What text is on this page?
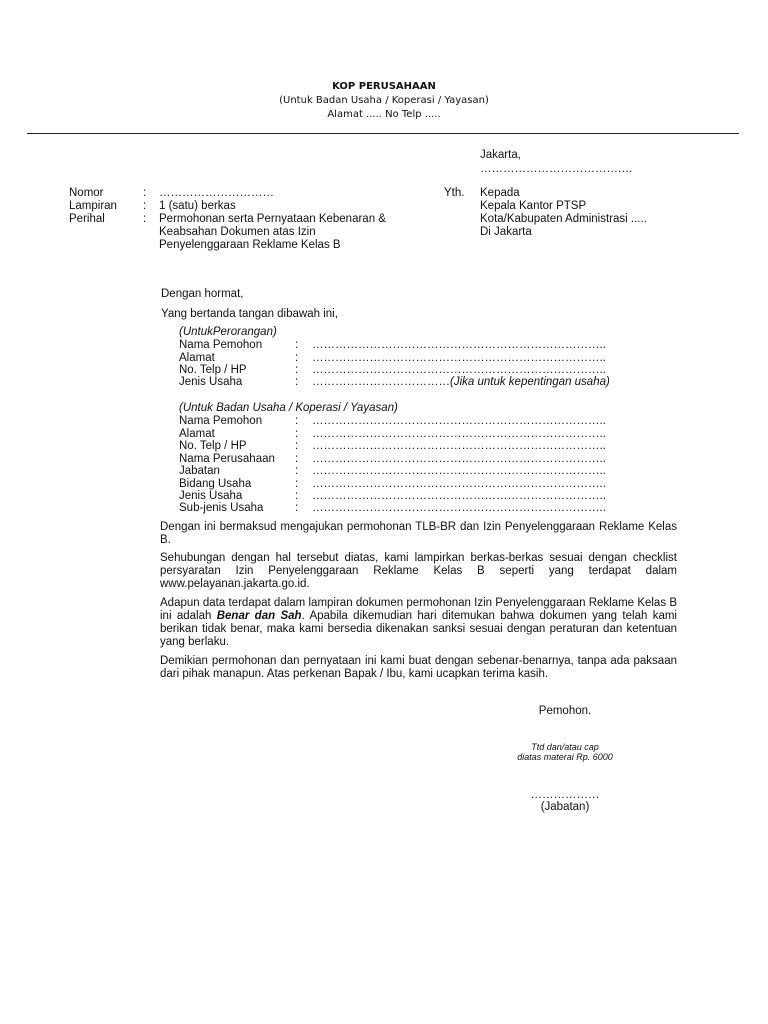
KOP PERUSAHAAN
(Untuk Badan Usaha / Koperasi / Yayasan)
Alamat ..... No Telp .....
Jakarta,
……………………………….…
Nomor	: …………………………
Lampiran : 1 (satu) berkas
Perihal	: Permohonan serta Pernyataan Kebenaran &
Keabsahan Dokumen atas Izin
Penyelenggaraan Reklame Kelas B
Yth. Kepada
Kepala Kantor PTSP
Kota/Kabupaten Administrasi .....
Di Jakarta
Dengan hormat,
Yang bertanda tangan dibawah ini,
(UntukPerorangan)
Nama Pemohon	: …………………………………………………………………..
Alamat	: …………………………………………………………………..
No. Telp / HP	: …………………………………………………………………..
Jenis Usaha	: ………………………………(Jika untuk kepentingan usaha)
(Untuk Badan Usaha / Koperasi / Yayasan)
Nama Pemohon	: …………………………………………………………………..
Alamat	: …………………………………………………………………..
No. Telp / HP	: …………………………………………………………………..
Nama Perusahaan : …………………………………………………………………..
Jabatan	: …………………………………………………………………..
Bidang Usaha	: …………………………………………………………………..
Jenis Usaha	: …………………………………………………………………..
Sub-jenis Usaha	: …………………………………………………………………..
Dengan ini bermaksud mengajukan permohonan TLB-BR dan Izin Penyelenggaraan Reklame Kelas B.
Sehubungan dengan hal tersebut diatas, kami lampirkan berkas-berkas sesuai dengan checklist persyaratan Izin Penyelenggaraan Reklame Kelas B seperti yang terdapat dalam www.pelayanan.jakarta.go.id.
Adapun data terdapat dalam lampiran dokumen permohonan Izin Penyelenggaraan Reklame Kelas B ini adalah Benar dan Sah. Apabila dikemudian hari ditemukan bahwa dokumen yang telah kami berikan tidak benar, maka kami bersedia dikenakan sanksi sesuai dengan peraturan dan ketentuan yang berlaku.
Demikian permohonan dan pernyataan ini kami buat dengan sebenar-benarnya, tanpa ada paksaan dari pihak manapun. Atas perkenan Bapak / Ibu, kami ucapkan terima kasih.
Pemohon.
Ttd dan/atau cap
diatas materai Rp. 6000
………………
(Jabatan)
